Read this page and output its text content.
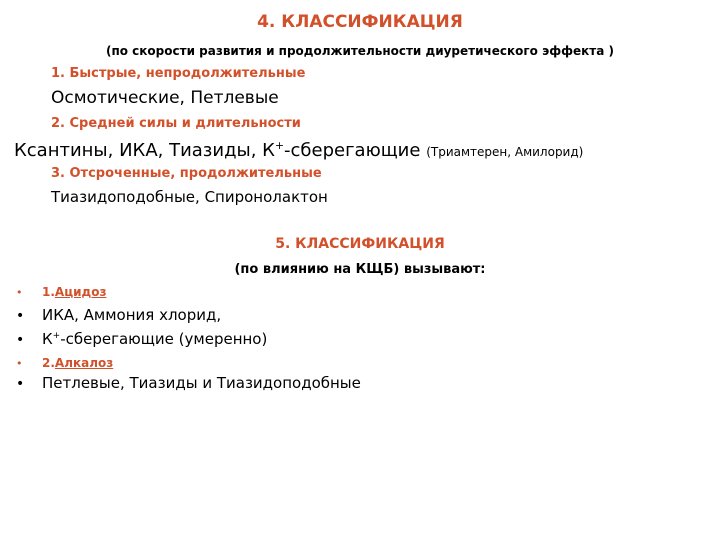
4. КЛАССИФИКАЦИЯ
(по скорости развития и продолжительности диуретического эффекта )
1. Быстрые, непродолжительные
Осмотические, Петлевые
2. Средней силы и длительности
Ксантины, ИКА, Тиазиды, К+-сберегающие (Триамтерен, Амилорид)
3. Отсроченные, продолжительные
Тиазидоподобные, Спиронолактон
5. КЛАССИФИКАЦИЯ
(по влиянию на КЩБ) вызывают:
•	1. Ацидоз
•	ИКА, Аммония хлорид,
•	К+-сберегающие (умеренно)
•	2. Алкалоз
•	Петлевые, Тиазиды и Тиазидоподобные
